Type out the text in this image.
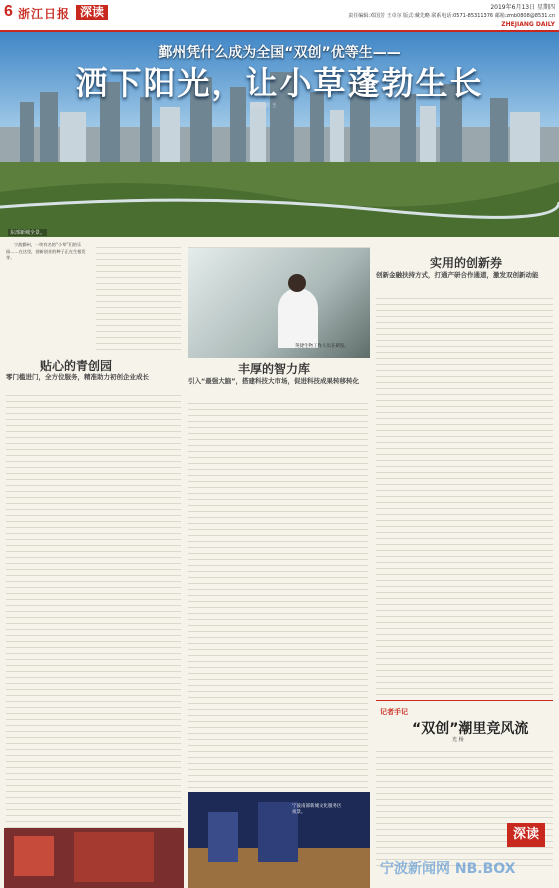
6 浙江日报 深读	2019年6月13日 星期四
责任编辑:邓国芳 王卓尔 版式:戴先略 联系电话:0571-85311376 邮箱:zmb0808@8531.cn
ZHEJIANG DAILY
鄞州凭什么成为全国“双创”优等生——
洒下阳光，让小草蓬勃生长
本报记者 王
东部新城全景。

宁波鄞州，一块有名的“小草”们的乐园……在这里，创新创业的种子正在生根发芽。

贴心的青创园
零门槛进门，全方位服务，精准助力初创企业成长
英捷生物工作人员在研发。
丰厚的智力库
引入“最强大脑”，搭建科技大市场，促进科技成果转移转化
宁波南部新城文化服务区夜景。
实用的创新券
创新金融扶持方式，打通产研合作通道，激发双创新动能
记者手记
“双创”潮里竞风流
光 杨
深读
宁波新闻网 NB.BOX
